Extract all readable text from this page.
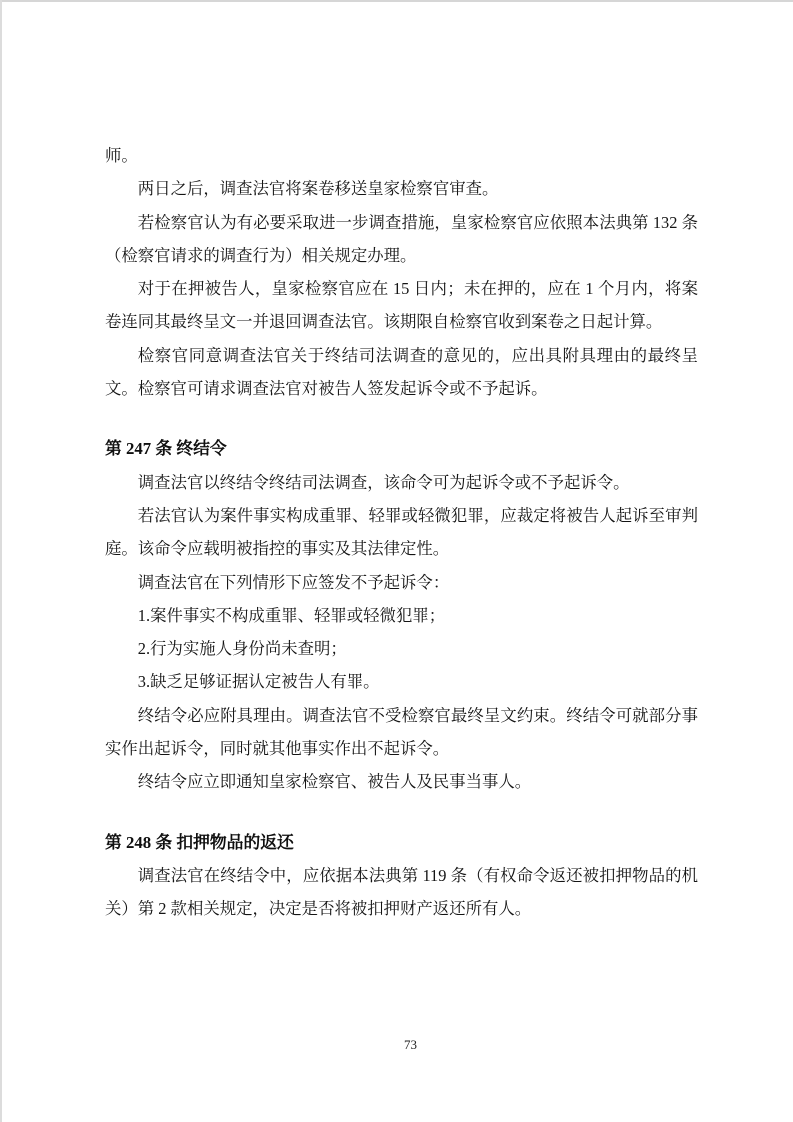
师。

两日之后，调查法官将案卷移送皇家检察官审查。

若检察官认为有必要采取进一步调查措施，皇家检察官应依照本法典第 132 条（检察官请求的调查行为）相关规定办理。

对于在押被告人，皇家检察官应在 15 日内；未在押的，应在 1 个月内，将案卷连同其最终呈文一并退回调查法官。该期限自检察官收到案卷之日起计算。

检察官同意调查法官关于终结司法调查的意见的，应出具附具理由的最终呈文。检察官可请求调查法官对被告人签发起诉令或不予起诉。

第 247 条 终结令

调查法官以终结令终结司法调查，该命令可为起诉令或不予起诉令。

若法官认为案件事实构成重罪、轻罪或轻微犯罪，应裁定将被告人起诉至审判庭。该命令应载明被指控的事实及其法律定性。

调查法官在下列情形下应签发不予起诉令：

1.案件事实不构成重罪、轻罪或轻微犯罪；

2.行为实施人身份尚未查明；

3.缺乏足够证据认定被告人有罪。

终结令必应附具理由。调查法官不受检察官最终呈文约束。终结令可就部分事实作出起诉令，同时就其他事实作出不起诉令。

终结令应立即通知皇家检察官、被告人及民事当事人。

第 248 条 扣押物品的返还

调查法官在终结令中，应依据本法典第 119 条（有权命令返还被扣押物品的机关）第 2 款相关规定，决定是否将被扣押财产返还所有人。

73
